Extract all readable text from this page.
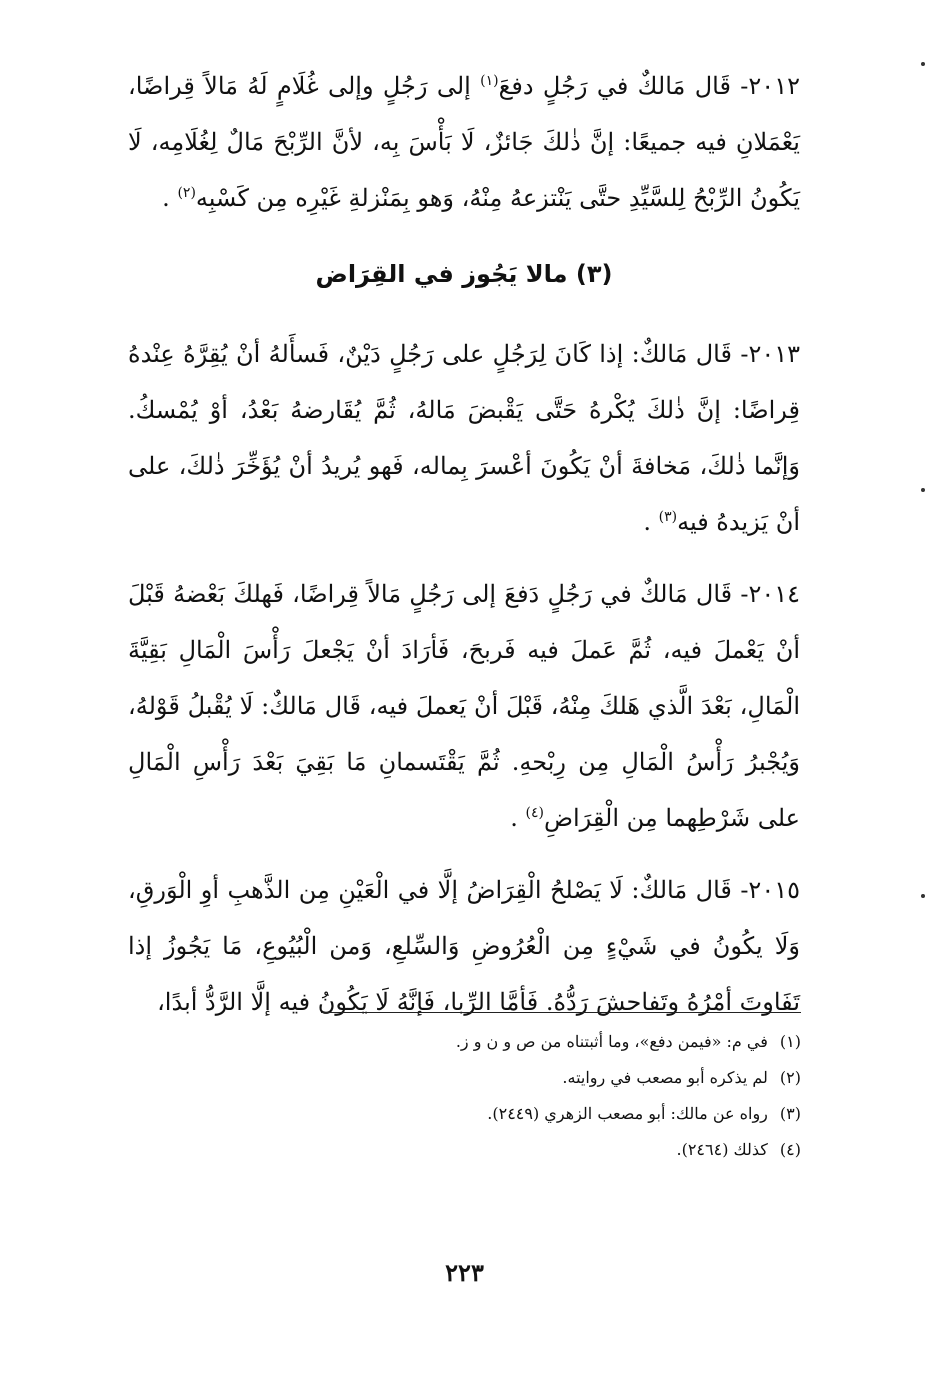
٢٠١٢- قَال مَالكٌ في رَجُلٍ دفعَ$^{(١)}$ إلى رَجُلٍ وإلى غُلَامٍ لَهُ مَالاً قِراضًا، يَعْمَلانِ فيه جميعًا: إنَّ ذٰلكَ جَائزٌ، لَا بَأْسَ بِه، لأنَّ الرِّبْحَ مَالٌ لِغُلَامِه، لَا يَكُونُ الرِّبْحُ لِلسَّيِّدِ حتَّى يَنْتزعهُ مِنْهُ، وَهو بِمَنْزلةِ غَيْرِه مِن كَسْبِه$^{(٢)}$ .

(٣) مالا يَجُوز في القِرَاض

٢٠١٣- قَال مَالكٌ: إذا كَانَ لِرَجُلٍ على رَجُلٍ دَيْنٌ، فَسأَلهُ أنْ يُقِرَّهُ عِنْدهُ قِراضًا: إنَّ ذٰلكَ يُكْرهُ حَتَّى يَقْبضَ مَالهُ، ثُمَّ يُقَارضهُ بَعْدُ، أوْ يُمْسكُ. وَإنَّما ذٰلكَ، مَخافةَ أنْ يَكُونَ أعْسرَ بِماله، فَهو يُريدُ أنْ يُؤَخِّرَ ذٰلكَ، على أنْ يَزيدهُ فيه$^{(٣)}$ .

٢٠١٤- قَال مَالكٌ في رَجُلٍ دَفعَ إلى رَجُلٍ مَالاً قِراضًا، فَهلكَ بَعْضهُ قَبْلَ أنْ يَعْملَ فيه، ثُمَّ عَملَ فيه فَربحَ، فَأرَادَ أنْ يَجْعلَ رَأْسَ الْمَالِ بَقِيَّةَ الْمَالِ، بَعْدَ الَّذي هَلكَ مِنْهُ، قَبْلَ أنْ يَعملَ فيه، قَال مَالكٌ: لَا يُقْبلُ قَوْلهُ، وَيُجْبرُ رَأْسُ الْمَالِ مِن رِبْحهِ. ثُمَّ يَقْتَسمانِ مَا بَقِيَ بَعْدَ رَأْسِ الْمَالِ على شَرْطِهما مِن الْقِرَاضِ$^{(٤)}$ .

٢٠١٥- قَال مَالكٌ: لَا يَصْلحُ الْقِرَاضُ إلَّا في الْعَيْنِ مِن الذَّهبِ أوِ الْوَرقِ، وَلَا يكُونُ في شَيْءٍ مِن الْعُرُوضِ وَالسِّلعِ، وَمن الْبُيُوعِ، مَا يَجُوزُ إذا تَفَاوتَ أمْرُهُ وتَفاحشَ رَدُّهُ. فَأمَّا الرِّبا، فَإنَّهُ لَا يَكُونُ فيه إلَّا الرَّدُّ أبدًا،

(١)في م: «فيمن دفع»، وما أثبتناه من ص و ن و ز.
(٢)لم يذكره أبو مصعب في روايته.
(٣)رواه عن مالك: أبو مصعب الزهري (٢٤٤٩).
(٤)كذلك (٢٤٦٤).
٢٢٣
